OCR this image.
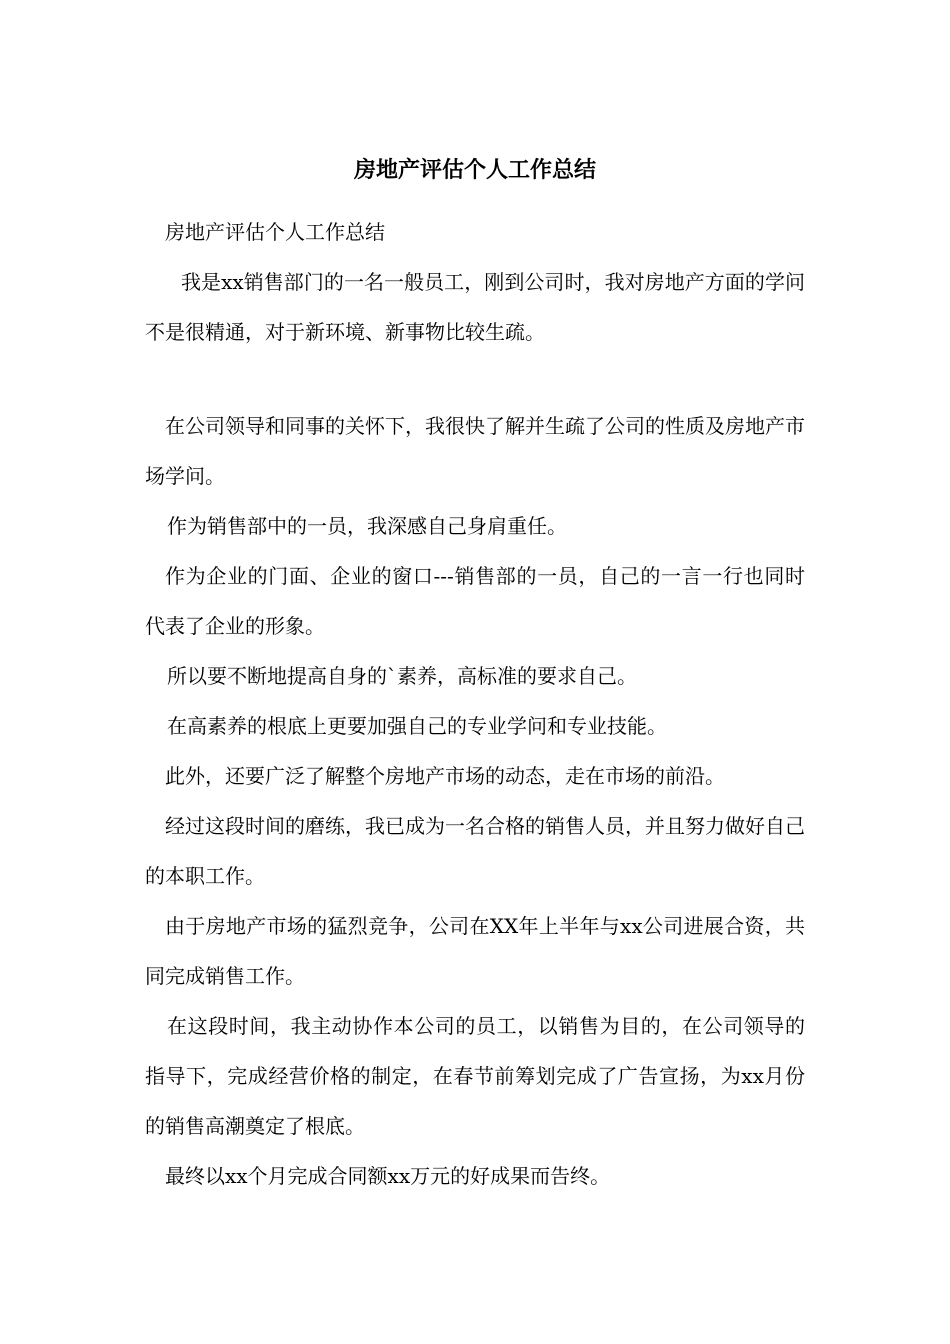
房地产评估个人工作总结

房地产评估个人工作总结

我是xx销售部门的一名一般员工，刚到公司时，我对房地产方面的学问不是很精通，对于新环境、新事物比较生疏。

在公司领导和同事的关怀下，我很快了解并生疏了公司的性质及房地产市场学问。

作为销售部中的一员，我深感自己身肩重任。

作为企业的门面、企业的窗口---销售部的一员，自己的一言一行也同时代表了企业的形象。

所以要不断地提高自身的`素养，高标准的要求自己。

在高素养的根底上更要加强自己的专业学问和专业技能。

此外，还要广泛了解整个房地产市场的动态，走在市场的前沿。

经过这段时间的磨练，我已成为一名合格的销售人员，并且努力做好自己的本职工作。

由于房地产市场的猛烈竞争，公司在XX年上半年与xx公司进展合资，共同完成销售工作。

在这段时间，我主动协作本公司的员工，以销售为目的，在公司领导的指导下，完成经营价格的制定，在春节前筹划完成了广告宣扬，为xx月份的销售高潮奠定了根底。

最终以xx个月完成合同额xx万元的好成果而告终。
